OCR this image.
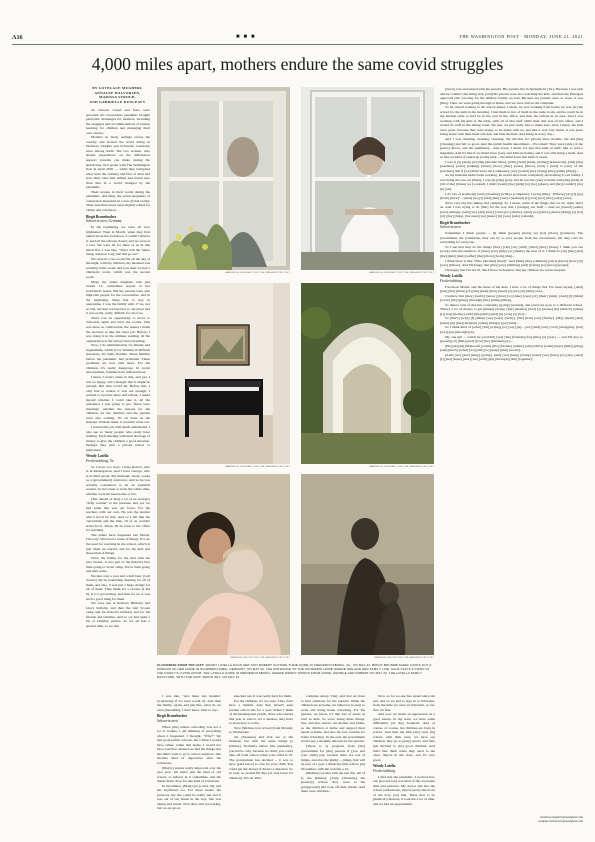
A16	■ ■ ■	THE WASHINGTON POST · MONDAY, JUNE 21, 2021
4,000 miles apart, mothers endure the same covid struggles
BY LOVELACE MUGHERI,
ANNALEE HALVORSEN,
MARISSA STROUD,
AND GABRIELLE DUNLEAVY

As schools closed and fears were sprouted, the coronavirus pandemic brought particular challenges for mothers, including the struggles and accommodations of remote learning for children and managing their own careers.

Mothers in many settings across the country and around the world living in Northern Virginia and Schwerin, Germany, were among them. The two women, who shared experiences on the differences support systems can make during the shutdowns, first spoke with The Washington Post in April 2020 — while they navigated what were the ordinary and first of what and how their roles had shifted and found new lives that in a world changed by the pandemic.

Their stories, in their words during the pandemic, and Meg, the seven snapshots of connection measured in a new global reality. Their narratives have been slightly edited for clarity and concision.

Birgit Brunebucher
Schwerin area, Germany

In the beginning, we were all very frightened. Then in March, when they first talked about the lockdown, I couldn't believe it. And all the schools closed, and we were at a loss. We were all for three of us in this small flat. I was like, "What will the future bring, and how long will this go on?"

We were in a two-room flat all the day of the night, with my children, my husband was working in his room, and now then we had a children's room, which was the second room.

Maja, my oldest daughter, who just turned 12, sometimes stayed at her boyfriend's house. But his parents were also high-risk people for the coronavirus, and in the beginning, Maja had to stay in quarantine. I was the family with 17 no, not so bad, because we had nice to our place and it was really, really difficult for all of us.

There was an opportunity to move to Schwerin again and have the rooms. This was more so comfortable, the reason I made the decision to take the other job. Before, I was doing it in the ultimate reading, all the organization at the school and everything.

Now, I do administration for Kinder and Jugendhilfe, which is for families in difficult situations. It's really flexible. These families before the pandemic had problems. These problems are now plus more. For the children, it's really dangerous. In social development, families have suffered most.

I knew I wasn't alone in this, and yes, I was so happy, and I thought that it might be enough. But then Covid hit. Before that, I only had to realize it was not enough, I wanted to become more self-reliant. I asked myself whether I could take it, all the assistance I was going to get. There were meetings, whether the lessons for the children, for the children and the parents were also coming. It's all done on the Internet. Without them, it wouldn't work out.

I started this job with much enthusiasm. I also see so many people who really have nothing. Each meeting with their shortage of money to give the children a good situation. Perhaps they give a private school or equivalent.

Wendy Latella
Fredericksburg, Va.

So I have two boys. I have Robert, who is in kindergarten. And I have George, who is in third grade. My husband, Jason, works as a [government] contractor. And so he was actually considered to be an essential worker. So he's been at work the whole time, whether we have been home or not.

[The details of that] a lot of us George's "daily routine" is the pleasure and yes we had some that was our focus. For the teachers with our own. He was the teacher who'd stood by that. And so I felt like the curriculum and the kids, all of us couldn't stand for it. There, I'll be back to the office for teaching.

The elders have happened last March, I'm sorry. We'd had a sense of things. For us, the need for teaching in the school, which is just when we started, and for the kids and those kind of things.

We're the family for the trial with the Girl Scouts. It was part of the Robert's first time going to Scout camp. We've been going and then some.

We met over a year and a half later. [Girl Scouts] did do leadership meeting for all of them, and also, it was just a huge change for all of them. They think it's a reward (I did it). It is a good thing, and then for us, it was such a good thing for them.

We were just at Robert's Birthday and Lisa's birthday and then the Girl Scouts camp and for Robert's birthday and for his friends and families. And so we had quite a bit of birthday parties. So we all had a special time, so we did.

GABRIELLE DUNLEAVY FOR THE WASHINGTON POST	GABRIELLE DUNLEAVY FOR THE WASHINGTON POST
GABRIELLE DUNLEAVY FOR THE WASHINGTON POST	GABRIELLE DUNLEAVY FOR THE WASHINGTON POST
MARISSA STROUD FOR THE WASHINGTON POST	MARISSA STROUD FOR THE WASHINGTON POST
CLOCKWISE FROM TOP LEFT: WENDY LATELLA HUGS HER SON ROBERT OUTSIDE THEIR HOME IN FREDERICKSBURG, VA., ON MAY 22. BIRGIT BRUNEBUCHER LOOKS OUT A WINDOW OF HER HOME IN SCHWERIN AREA, GERMANY, ON MAY 22. THE ENTRANCE TO THE SCHWERIN HOME WHERE SHE AND HER FAMILY LIVE. MAJA PLAYS A PIANO IN THE FAMILY'S LIVING ROOM. THE LATELLA HOME IN FREDERICKSBURG, WHERE WENDY WORKS FROM HOME; GEORGE AND ROBERT ON MAY 22. THE LATELLA FAMILY BACKYARD, WITH THE KIDS' SWING SET, ON MAY 23.

I was like, "Are these last months" (wondering if it's even worth it). And then the family, again, and just like, what do we even [inaudible]. I don't know what to say...

Birgit Brunebucher
Schwerin area

When [the] remote schooling was not a lot of trouble, I am thinking of everything when it happened. I thought, "Why?" We had good public schools, but I think I would have rather, rather that home. I would not have said that. Instead we had the things that she didn't want to go to school anymore. She became kind of depressive after the lockdown.

[Maja's] grades really improved over the past year. We knew just the kind of old school, to believe in it sometimes, and the marks didn't drop for that kind of lockdown.

In November, [Maja] got [covid-19], and her boyfriend, too. For these weeks, the previous day she could be really sad and it was out of our house in the way. She was taking and rested. Now she's still recovering, but we are good.

knocked out. It was really hard for them.

For the children, it's not easy. They don't have a rhythm. And they haven't seen normal school life for a year. When I think of the kindergarten pupils, those who started this year at school, it's a disaster, they have to learn how to write.

Now [Melissa is in school] from Monday to Wednesday.

Sis [Susanne] and Zoë are at the moment, but with the same bridge [a holiday]. Normally before [the pandemic], you had to stay, because no child, you could take off from school when your child is 10. The government has decided ... it was to have [paid leave] to care for your child. You could get the money if there's a situation. So in total, so around 80 days [of sick leave for children]. Yes. In 2021.

complete salary. They said that we have to find solutions for the parents: When the children are at home, we believe it is okay to work and doing home schooling. For the parents, we know, it's like lots of stress as well as kids. So we're doing these things. Yes, and also, there's our mother and father, so the children at home and support their needs at home, and also the fact, besides for home schooling. In the end, the government would pay a monthly amount for the parents.

[There is a] program from [the] government for [the] parents if [you and your child] pay, because there are lots of things, and also the [kids] ... [time], that will be part of a year. I think my kids will be [in] November, with me at home a lot.

[Melissa] we met with the last day. All of it, the [kinder], [Zoë], [Susanne], the [nursery] school, they went to the [playground] and took off their masks. And there were children...

Now, so far no-one has tested since the test, and so we had to sign in at Schwerin, from the time we were in Schwerin, so far. Yes, it's fine.

And now we made an appearance in a good nature. In my state, we have some difficulties [in the] hospitals. And of course, of course, the children are back in school. And then the kids [are] back [in] school, with their tests, we have our children, they go to [play] sports, and they just decided to [be] good children. And that's like them when they need to the class, they're in the class, and it's very good.

Wendy Latella
Fredericksburg

I find that the pandemic, I noticed how our [second son] was kind of this awesome time and patience. My doctor and also the school pediatrician, they're pretty much out of the loop [on] this. There had to be [medical] referrals, it took me a lot of time, and we had an appointment.

[Jason] was and stayed with his parents. His parents live in Springfield, [Va.]. Because I was sick and he couldn't risk being sick, [and] his parents were also watching the kids, and then the Pentagon approved [the vaccine] for the military family we had. Because my parents were so close, it was [fine]. Then, we were going through at home, and we were still on the computer.

So he started looking at the school issues. I mean, he was working from home; he was [at] the school for the kids in the morning. I had them at two of them in the same room, and he could be in the kitchen table or he'd be in his own in the office, and then the remote in an area. And I was working with the kids at the table, with all of that stuff while their dad was on his office, and I would do stuff in the dining room. We just, we just really had to make sure. And, I mean, the kids were great, because they were happy to be home with us, just like it was very much, it was great being home with their mom and dad, and then the kids. And being in every day...

And I was cleaning, cleaning, cleaning. We did that for [about] three months. We did [the] [cleaning] and felt so good. And the public health department... We talked: They were [sick] of the [news] shows, and the [numbers]... And every, I mean, it's just that kind of stuff, like to read a magazine. And it's like if we didn't have [our] own kids [at home], and it was still being a mom. And so like we kind of ended up [with] what... We didn't have that kind of stress.

I was at [a] [desk] [at] [the] [kitchen table], [with] [both] [kids], [doing] [homework], [and] [the] [teachers] [were] [talking] [about] [how] [they] [were] [there], [and] I [said] to [one] of the [teachers] that if [we] didn't have the [computer], [we] [would] [be] [doing] [the] [same] [thing]...

As my husband hadn't been working, he would have been completely devastating to our family. I was being the one out [there], I was [at] [the] [job], and he was the [one] at home with [the] [kids] in [all of the] [times] we [worked]. I didn't [want] [the] [kids] [to] [be] [alone], and [he] [couldn't] [do] [it] [all].

I do lots of producing [and] [cleaning] [with] a [computer]. I [was] [like], "[Where] [do] [I] [go] [from] [here]"... [And] [so] [I] [did] [that] [and] I [realized] [I] [was] [not] [the] [only] [one]...

We're very big into hiking and camping. So, I mean, some of the things that we do, right, that's us. And I was trying to do [that] for the way that I [budget] our stuff ... And we [found] [some] [new] [things], [and] [we] [did] [stay] [close] [to] [home]. [And] [we] [have] [been] [doing] [a] [lot] [of] [day] [trips], [because] [we] [knew] [it] [was] [safe] [outside].

Birgit Brunebucher
Schwerin area

Sometimes I think people ... [I] think [people] [have] [a] [lot] [more] [patience]. The government, the politicians, they can try to save people from the coronavirus, but they can't do everything for everyone.

So I see that they do the things [they] [can] [do] [with] [what] [they] [have]. I think you can [work] with the situation. It [does] [not] [help] [to] [make] the best of it. I think it's [in] [the] [end] [the] [kids] [that] [suffer] [the] [most] [from] [this]...

I think there is like "Who [decided] [that]?" And [then] [the] [children] [can't] [know] [how] [it] [was] [before]. And I'm happy that [they] [are] [smiling] [and] [trying] [to] [save] [people].

I'm happy that I'm not ill, that I'm not in hospital, that my children are not in hospital.

Wendy Latella
Fredericksburg

Facebook Moms, and the mess of the kids. I have a lot of things that I've been saying. [And] [just] [the] [mess] [of] [the] [kids] [that] [need] [a] [lot] [of] [the] [care]...

I believe that [they] [really] [know] [how] [to] [take] [care] [of] [their] [kids]. [And] [I] [think] [we're] [all] [going] [through] [the] [same] [thing].

So there's tons of theories constantly [going] [around], and everyone goes to a different school. There's a lot of chance to get [things] [done]. [My] [mother] [had] [a] [stroke] [in] [March] [when] [I] [was] [home] [with] [the] [kids] [and] [it] [was] [a] [lot]...

So [that's] [why] [I] [think] [we] [were] [lucky]. [We] [had] [our] [family]. [My] [mom] [had] [been] [in] [the] [hospital] [when] [things] [got] [bad]...

So I think kind of [what] [I'm] [trying] [to] [say] [is]... [we] [had] [our] [own] [struggles], [but] [we] [got] [through] [it].

My one girl ... which he [couldn't] [see] [his] [friends] [for] [like] [a] [year] — and I'm just so [proud] [of] [him] [and] [how] [he] [handled] [it]...

[He] [played] [Minecraft] [with] [his] [friends] [online] [and] [that's] [what] [kept] [him] [going] [and] [that's] [what] [we] [did] [to] [keep] [him] [social]...

[And] [we] [just] [keep] [going], [and] [we] [keep] [doing] [what] [we] [have] [to] [do]. [And] [I] [just] [hope] [that] [we] [will] [get] [through] [this] [together].

lovelace.mugheri@washpost.com
annalee.halvorsen@washpost.com
